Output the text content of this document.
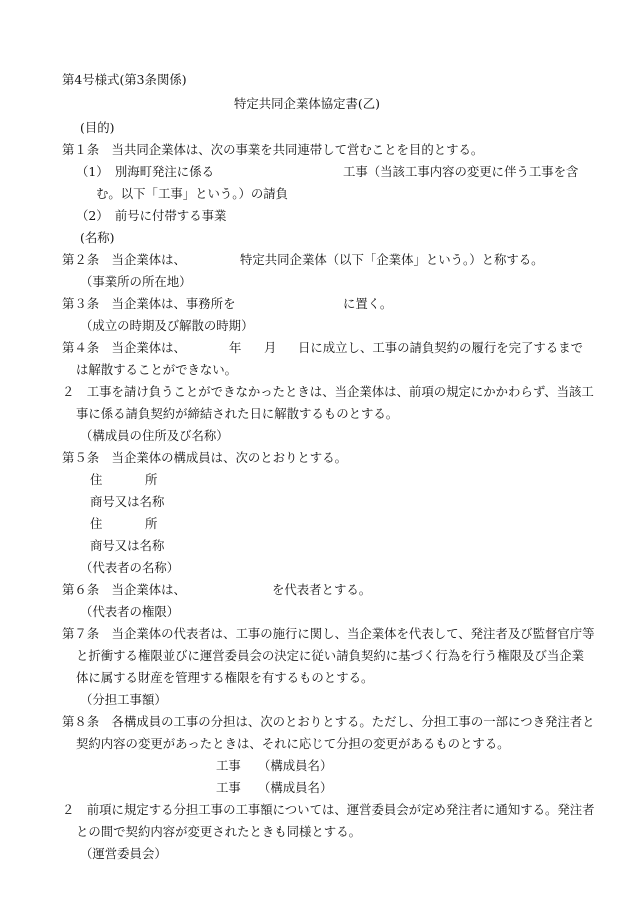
第4号様式(第3条関係)
特定共同企業体協定書(乙)
(目的)
第１条　当共同企業体は、次の事業を共同連帯して営むことを目的とする。
（1）　別海町発注に係る	工事（当該工事内容の変更に伴う工事を含
む。以下「工事」という。）の請負
（2）　前号に付帯する事業
(名称)
第２条　当企業体は、	特定共同企業体（以下「企業体」という。）と称する。
（事業所の所在地）
第３条　当企業体は、事務所を	に置く。
（成立の時期及び解散の時期）
第４条　当企業体は、	年 月 日に成立し、工事の請負契約の履行を完了するまで
は解散することができない。
２　工事を請け負うことができなかったときは、当企業体は、前項の規定にかかわらず、当該工
事に係る請負契約が締結された日に解散するものとする。
（構成員の住所及び名称）
第５条　当企業体の構成員は、次のとおりとする。
住	所
商号又は名称
住	所
商号又は名称
（代表者の名称）
第６条　当企業体は、	を代表者とする。
（代表者の権限）
第７条　当企業体の代表者は、工事の施行に関し、当企業体を代表して、発注者及び監督官庁等
と折衝する権限並びに運営委員会の決定に従い請負契約に基づく行為を行う権限及び当企業
体に属する財産を管理する権限を有するものとする。
（分担工事額）
第８条　各構成員の工事の分担は、次のとおりとする。ただし、分担工事の一部につき発注者と
契約内容の変更があったときは、それに応じて分担の変更があるものとする。
工事 （構成員名）
工事 （構成員名）
２　前項に規定する分担工事の工事額については、運営委員会が定め発注者に通知する。発注者
との間で契約内容が変更されたときも同様とする。
（運営委員会）
